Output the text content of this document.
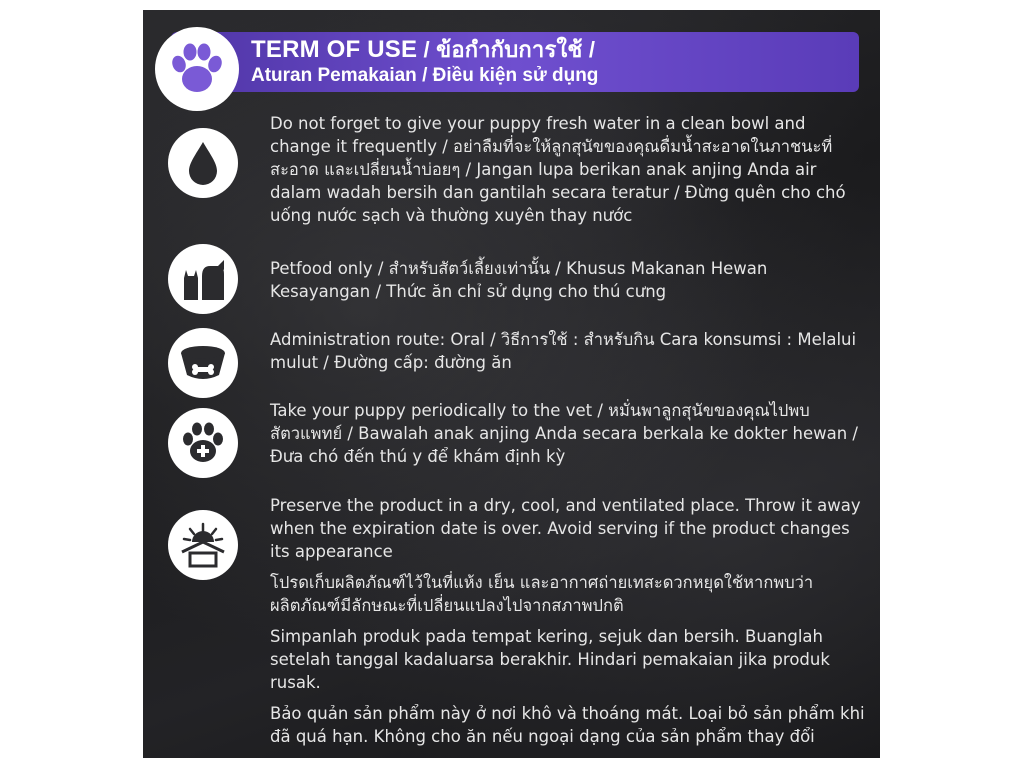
TERM OF USE / ข้อกำกับการใช้ /
Aturan Pemakaian / Điều kiện sử dụng
Do not forget to give your puppy fresh water in a clean bowl and change it frequently / อย่าลืมที่จะให้ลูกสุนัขของคุณดื่มน้ำสะอาดในภาชนะที่สะอาด และเปลี่ยนน้ำบ่อยๆ / Jangan lupa berikan anak anjing Anda air dalam wadah bersih dan gantilah secara teratur / Đừng quên cho chó uống nước sạch và thường xuyên thay nước
Petfood only / สำหรับสัตว์เลี้ยงเท่านั้น / Khusus Makanan Hewan Kesayangan / Thức ăn chỉ sử dụng cho thú cưng
Administration route: Oral / วิธีการใช้ : สำหรับกิน Cara konsumsi : Melalui mulut / Đường cấp: đường ăn
Take your puppy periodically to the vet / หมั่นพาลูกสุนัขของคุณไปพบสัตวแพทย์ / Bawalah anak anjing Anda secara berkala ke dokter hewan / Đưa chó đến thú y để khám định kỳ
Preserve the product in a dry, cool, and ventilated place. Throw it away when the expiration date is over. Avoid serving if the product changes its appearance
โปรดเก็บผลิตภัณฑ์ไว้ในที่แห้ง เย็น และอากาศถ่ายเทสะดวกหยุดใช้หากพบว่าผลิตภัณฑ์มีลักษณะที่เปลี่ยนแปลงไปจากสภาพปกติ
Simpanlah produk pada tempat kering, sejuk dan bersih. Buanglah setelah tanggal kadaluarsa berakhir. Hindari pemakaian jika produk rusak.
Bảo quản sản phẩm này ở nơi khô và thoáng mát. Loại bỏ sản phẩm khi đã quá hạn. Không cho ăn nếu ngoại dạng của sản phẩm thay đổi
